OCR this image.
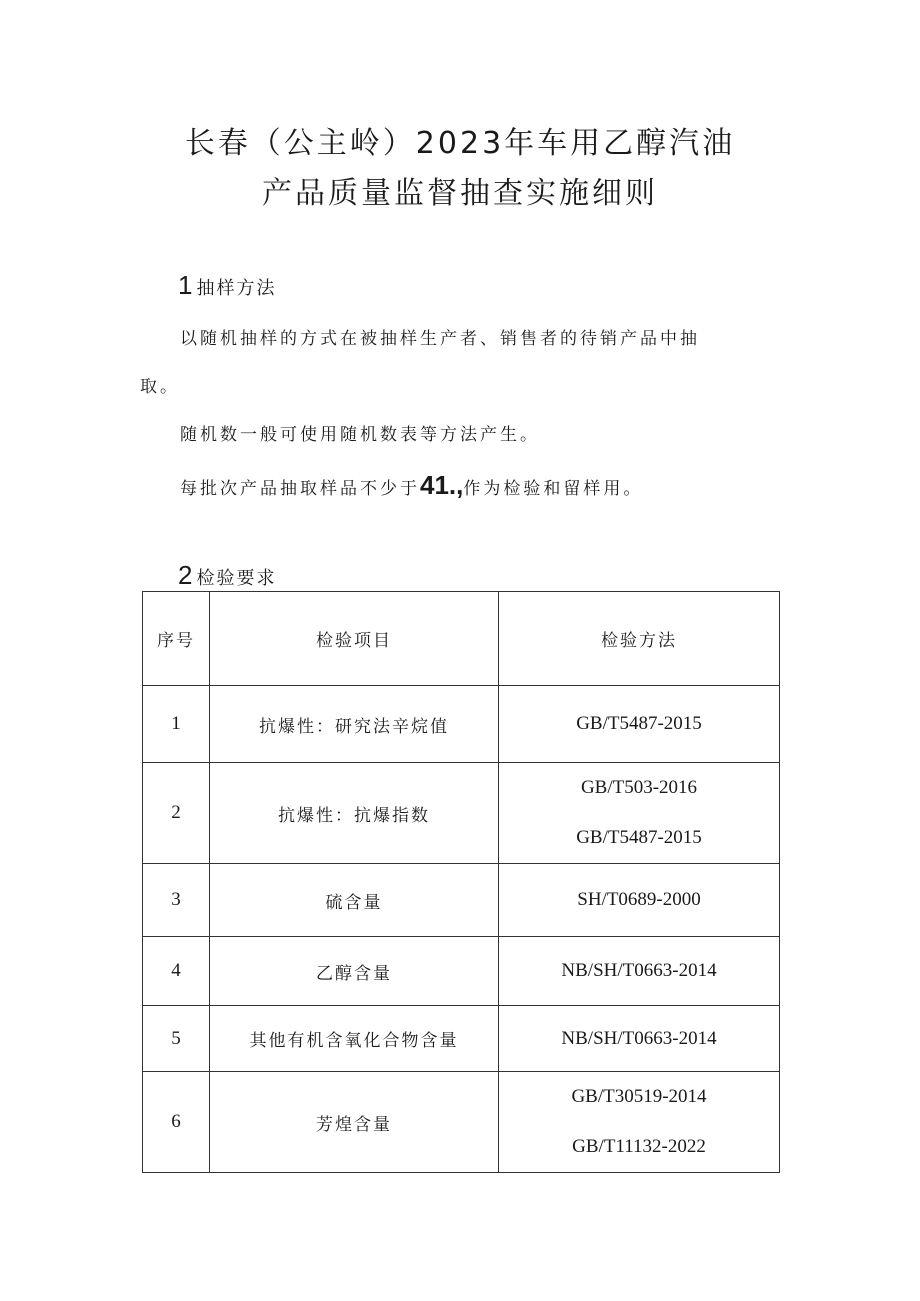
长春（公主岭）2023年车用乙醇汽油
产品质量监督抽查实施细则
1 抽样方法
以随机抽样的方式在被抽样生产者、销售者的待销产品中抽
取。
随机数一般可使用随机数表等方法产生。
每批次产品抽取样品不少于41.,作为检验和留样用。
2 检验要求
序号	检验项目	检验方法
1	抗爆性：研究法辛烷值	GB/T5487-2015
2	抗爆性：抗爆指数	GB/T503-2016
GB/T5487-2015

3	硫含量	SH/T0689-2000
4	乙醇含量	NB/SH/T0663-2014
5	其他有机含氧化合物含量	NB/SH/T0663-2014
6	芳煌含量	GB/T30519-2014
GB/T11132-2022
